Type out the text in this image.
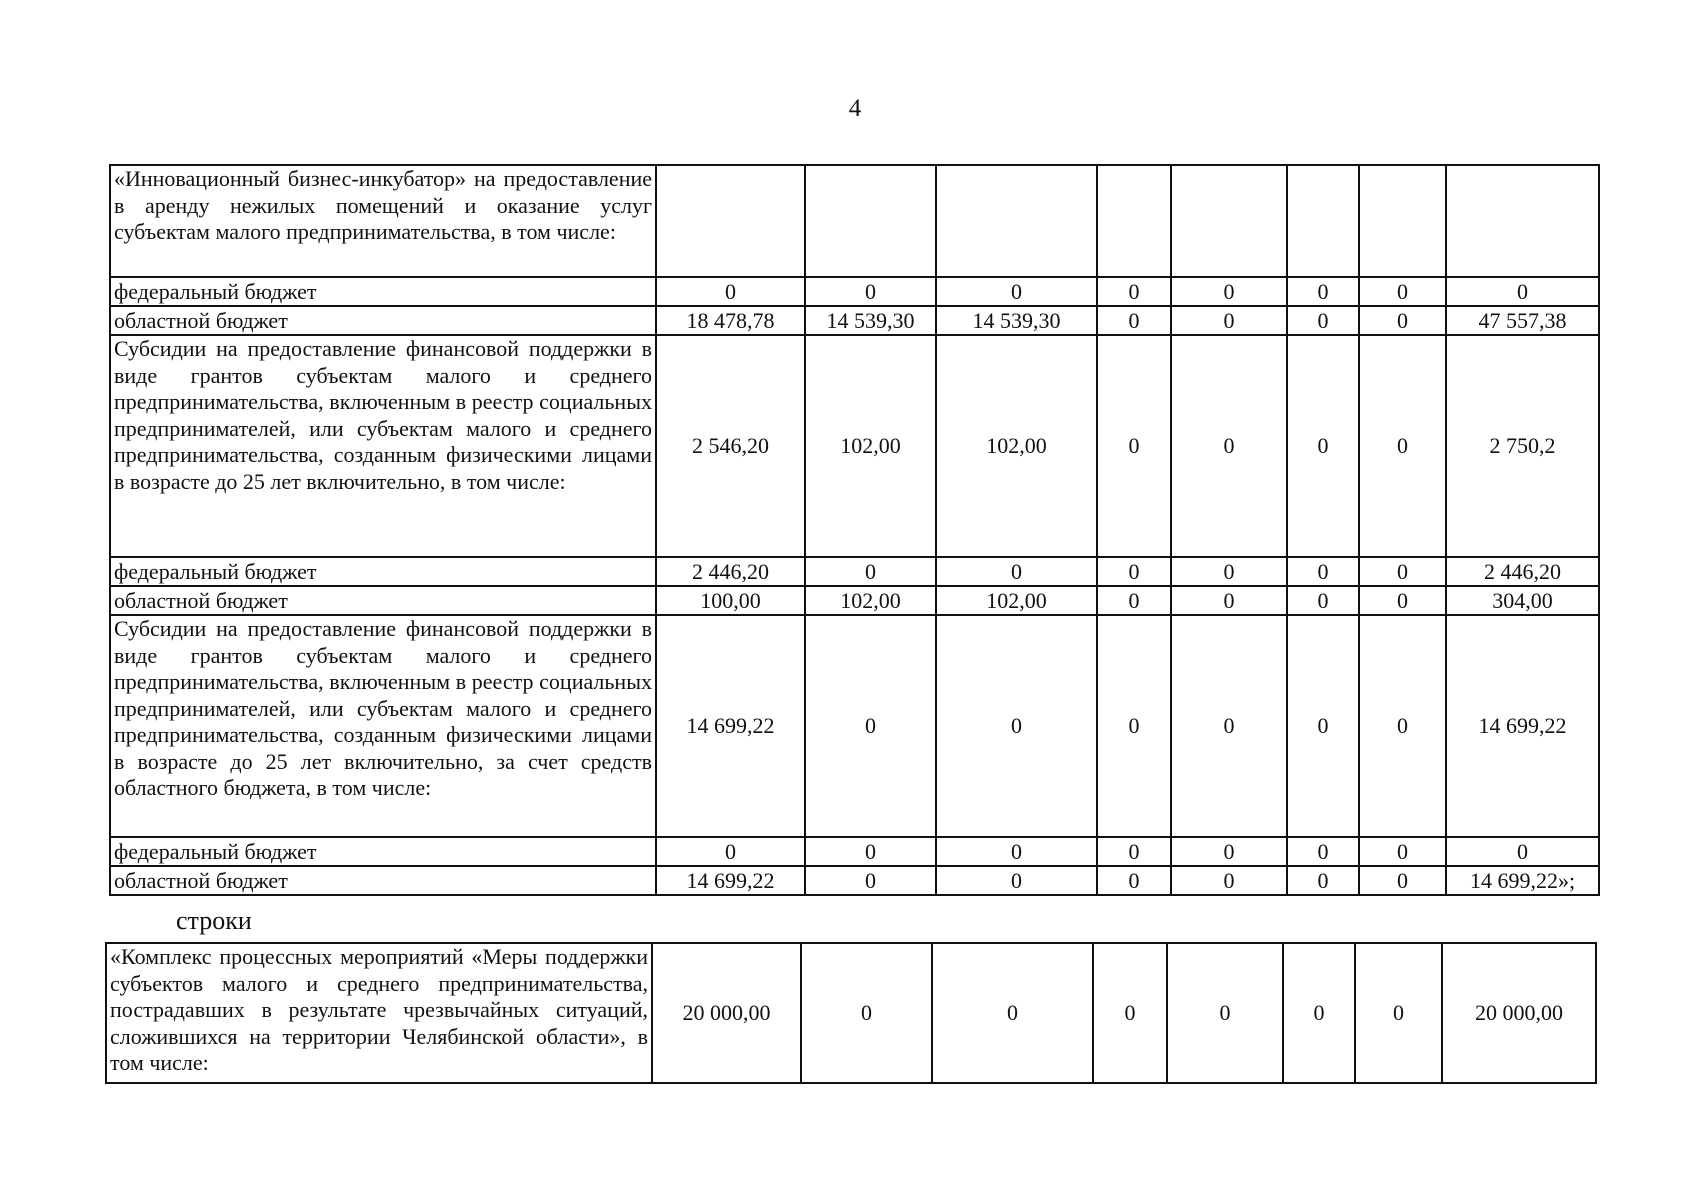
4
«Инновационный бизнес-инкубатор» на предоставление в аренду нежилых помещений и оказание услуг субъектам малого предпринимательства, в том числе:								
федеральный бюджет	0	0	0	0	0	0	0	0
областной бюджет	18 478,78	14 539,30	14 539,30	0	0	0	0	47 557,38
Субсидии на предоставление финансовой поддержки в виде грантов субъектам малого и среднего предпринимательства, включенным в реестр социальных предпринимателей, или субъектам малого и среднего предпринимательства, созданным физическими лицами в возрасте до 25 лет включительно, в том числе:	2 546,20	102,00	102,00	0	0	0	0	2 750,2
федеральный бюджет	2 446,20	0	0	0	0	0	0	2 446,20
областной бюджет	100,00	102,00	102,00	0	0	0	0	304,00
Субсидии на предоставление финансовой поддержки в виде грантов субъектам малого и среднего предпринимательства, включенным в реестр социальных предпринимателей, или субъектам малого и среднего предпринимательства, созданным физическими лицами в возрасте до 25 лет включительно, за счет средств областного бюджета, в том числе:	14 699,22	0	0	0	0	0	0	14 699,22
федеральный бюджет	0	0	0	0	0	0	0	0
областной бюджет	14 699,22	0	0	0	0	0	0	14 699,22»;
строки
«Комплекс процессных мероприятий «Меры поддержки субъектов малого и среднего предпринимательства, пострадавших в результате чрезвычайных ситуаций, сложившихся на территории Челябинской области», в том числе:	20 000,00	0	0	0	0	0	0	20 000,00
